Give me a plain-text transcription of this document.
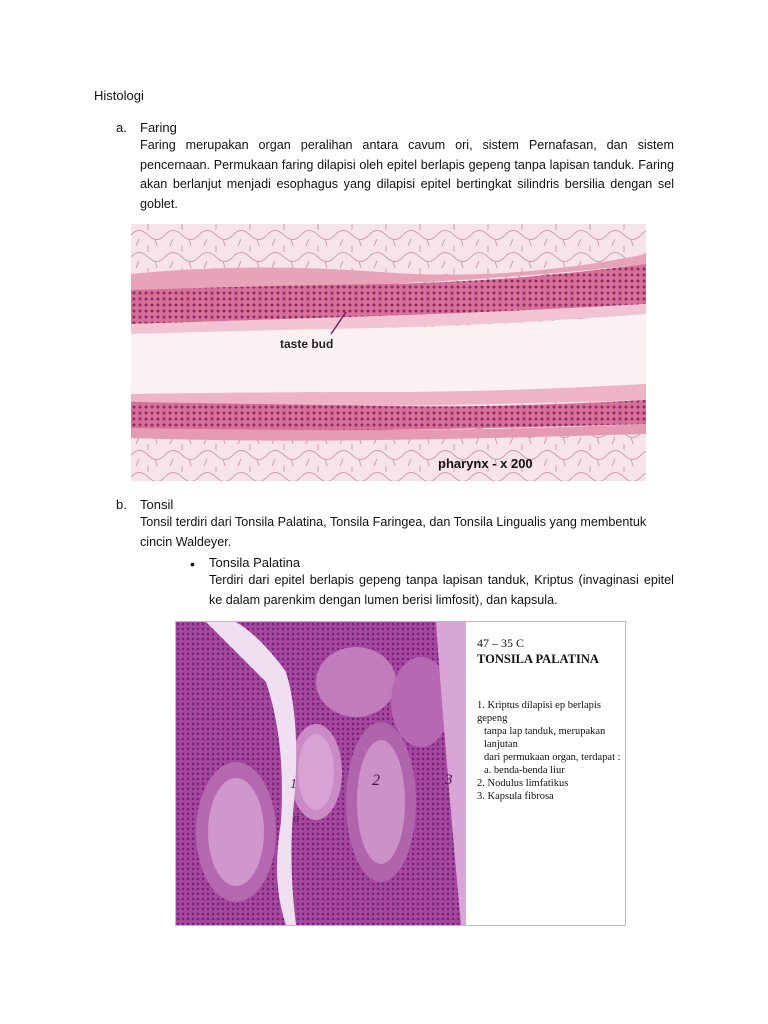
Histologi
a. Faring
Faring merupakan organ peralihan antara cavum ori, sistem Pernafasan, dan sistem pencernaan. Permukaan faring dilapisi oleh epitel berlapis gepeng tanpa lapisan tanduk. Faring akan berlanjut menjadi esophagus yang dilapisi epitel bertingkat silindris bersilia dengan sel goblet.
taste bud
pharynx - x 200
b. Tonsil
Tonsil terdiri dari Tonsila Palatina, Tonsila Faringea, dan Tonsila Lingualis yang membentuk cincin Waldeyer.
• Tonsila Palatina
Terdiri dari epitel berlapis gepeng tanpa lapisan tanduk, Kriptus (invaginasi epitel ke dalam parenkim dengan lumen berisi limfosit), dan kapsula.
1	2	3
a
47 – 35 C
TONSILA PALATINA
1. Kriptus dilapisi ep berlapis gepeng
tanpa lap tanduk, merupakan lanjutan
dari permukaan organ, terdapat :
a. benda-benda liur
2. Nodulus limfatikus
3. Kapsula fibrosa
